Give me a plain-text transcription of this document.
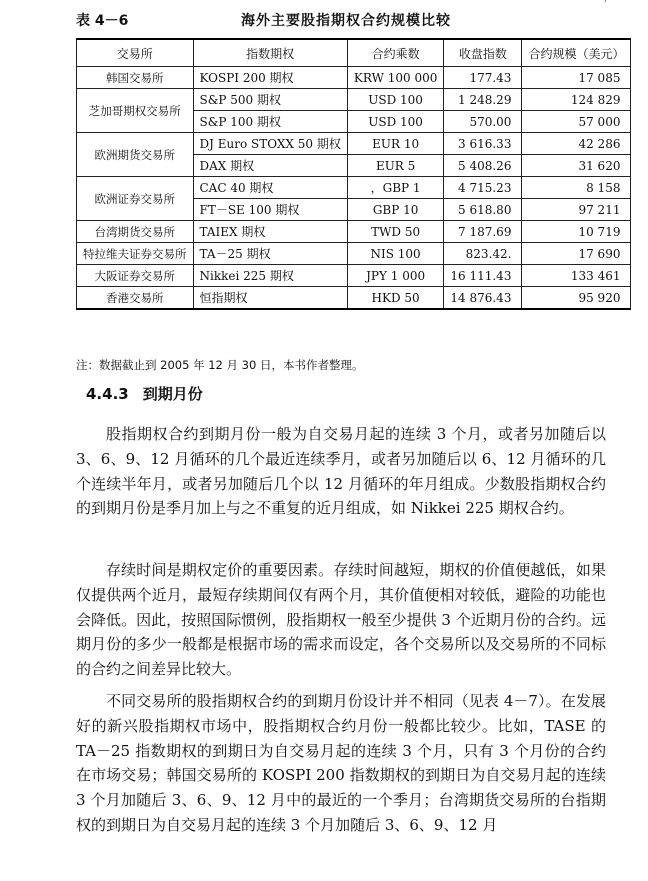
’
表 4－6	海外主要股指期权合约规模比较
交易所	指数期权	合约乘数	收盘指数	合约规模（美元）
韩国交易所	KOSPI 200 期权	KRW 100 000	177.43	17 085
芝加哥期权交易所	S&P 500 期权	USD 100	1 248.29	124 829
	S&P 100 期权	USD 100	570.00	57 000
欧洲期货交易所	DJ Euro STOXX 50 期权	EUR 10	3 616.33	42 286
	DAX 期权	EUR 5	5 408.26	31 620
欧洲证券交易所	CAC 40 期权	，GBP 1	4 715.23	8 158
	FT－SE 100 期权	GBP 10	5 618.80	97 211
台湾期货交易所	TAIEX 期权	TWD 50	7 187.69	10 719
特拉维夫证券交易所	TA－25 期权	NIS 100	823.42.	17 690
大阪证券交易所	Nikkei 225 期权	JPY 1 000	16 111.43	133 461
香港交易所	恒指期权	HKD 50	14 876.43	95 920
注：数据截止到 2005 年 12 月 30 日，本书作者整理。
4.4.3 到期月份

股指期权合约到期月份一般为自交易月起的连续 3 个月，或者另加随后以 3、6、9、12 月循环的几个最近连续季月，或者另加随后以 6、12 月循环的几个连续半年月，或者另加随后几个以 12 月循环的年月组成。少数股指期权合约的到期月份是季月加上与之不重复的近月组成，如 Nikkei 225 期权合约。

存续时间是期权定价的重要因素。存续时间越短，期权的价值便越低，如果仅提供两个近月，最短存续期间仅有两个月，其价值便相对较低，避险的功能也会降低。因此，按照国际惯例，股指期权一般至少提供 3 个近期月份的合约。远期月份的多少一般都是根据市场的需求而设定，各个交易所以及交易所的不同标的合约之间差异比较大。

不同交易所的股指期权合约的到期月份设计并不相同（见表 4－7）。在发展好的新兴股指期权市场中，股指期权合约月份一般都比较少。比如，TASE 的 TA－25 指数期权的到期日为自交易月起的连续 3 个月，只有 3 个月份的合约在市场交易；韩国交易所的 KOSPI 200 指数期权的到期日为自交易月起的连续 3 个月加随后 3、6、9、12 月中的最近的一个季月；台湾期货交易所的台指期权的到期日为自交易月起的连续 3 个月加随后 3、6、9、12 月
